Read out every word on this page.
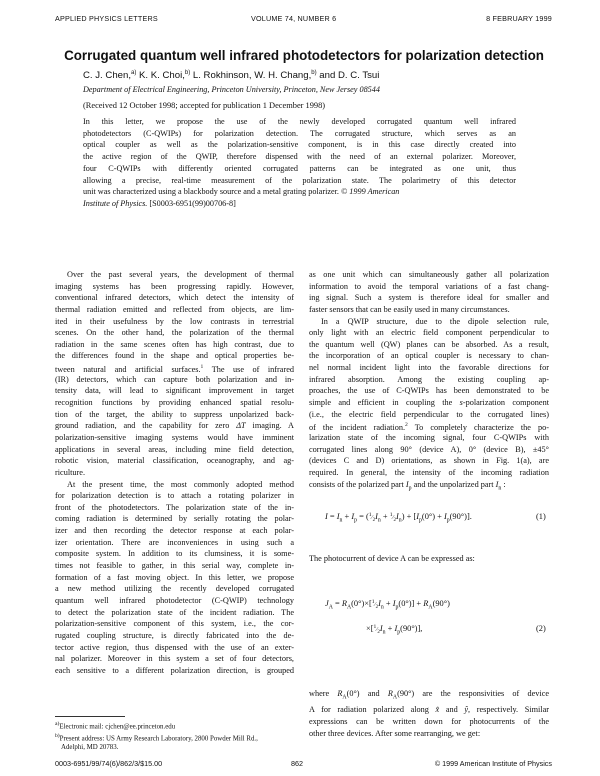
APPLIED PHYSICS LETTERS	VOLUME 74, NUMBER 6	8 FEBRUARY 1999
Corrugated quantum well infrared photodetectors for polarization detection
C. J. Chen,$^{a)}$ K. K. Choi,$^{b)}$ L. Rokhinson, W. H. Chang,$^{b)}$ and D. C. Tsui
Department of Electrical Engineering, Princeton University, Princeton, New Jersey 08544
(Received 12 October 1998; accepted for publication 1 December 1998)
In this letter, we propose the use of the newly developed corrugated quantum well infrared
photodetectors (C-QWIPs) for polarization detection. The corrugated structure, which serves as an
optical coupler as well as the polarization-sensitive component, is in this case directly created into
the active region of the QWIP, therefore dispensed with the need of an external polarizer. Moreover,
four C-QWIPs with differently oriented corrugated patterns can be integrated as one unit, thus
allowing a precise, real-time measurement of the polarization state. The polarimetry of this detector
unit was characterized using a blackbody source and a metal grating polarizer. © 1999 American
Institute of Physics. [S0003-6951(99)00706-8]
Over the past several years, the development of thermal
imaging systems has been progressing rapidly. However,
conventional infrared detectors, which detect the intensity of
thermal radiation emitted and reflected from objects, are lim-
ited in their usefulness by the low contrasts in terrestrial
scenes. On the other hand, the polarization of the thermal
radiation in the same scenes often has high contrast, due to
the differences found in the shape and optical properties be-
tween natural and artificial surfaces.$^1$ The use of infrared
(IR) detectors, which can capture both polarization and in-
tensity data, will lead to significant improvement in target
recognition functions by providing enhanced spatial resolu-
tion of the target, the ability to suppress unpolarized back-
ground radiation, and the capability for zero ΔT imaging. A
polarization-sensitive imaging systems would have imminent
applications in several areas, including mine field detection,
robotic vision, material classification, oceanography, and ag-
riculture.
At the present time, the most commonly adopted method
for polarization detection is to attach a rotating polarizer in
front of the photodetectors. The polarization state of the in-
coming radiation is determined by serially rotating the polar-
izer and then recording the detector response at each polar-
izer orientation. There are inconveniences in using such a
composite system. In addition to its clumsiness, it is some-
times not feasible to gather, in this serial way, complete in-
formation of a fast moving object. In this letter, we propose
a new method utilizing the recently developed corrugated
quantum well infrared photodetector (C-QWIP) technology
to detect the polarization state of the incident radiation. The
polarization-sensitive component of this system, i.e., the cor-
rugated coupling structure, is directly fabricated into the de-
tector active region, thus dispensed with the use of an exter-
nal polarizer. Moreover in this system a set of four detectors,
each sensitive to a different polarization direction, is grouped
$^{a)}$Electronic mail: cjchen@ee.princeton.edu
$^{b)}$Present address: US Army Research Laboratory, 2800 Powder Mill Rd.,
Adelphi, MD 20783.
as one unit which can simultaneously gather all polarization
information to avoid the temporal variations of a fast chang-
ing signal. Such a system is therefore ideal for smaller and
faster sensors that can be easily used in many circumstances.
In a QWIP structure, due to the dipole selection rule,
only light with an electric field component perpendicular to
the quantum well (QW) planes can be absorbed. As a result,
the incorporation of an optical coupler is necessary to chan-
nel normal incident light into the favorable directions for
infrared absorption. Among the existing coupling ap-
proaches, the use of C-QWIPs has been demonstrated to be
simple and efficient in coupling the s-polarization component
(i.e., the electric field perpendicular to the corrugated lines)
of the incident radiation.$^2$ To completely characterize the po-
larization state of the incoming signal, four C-QWIPs with
corrugated lines along 90° (device A), 0° (device B), ±45°
(devices C and D) orientations, as shown in Fig. 1(a), are
required. In general, the intensity of the incoming radiation
consists of the polarized part $I_p$ and the unpolarized part $I_n$ :
$I = I_n + I_p$ = ($^1⁄_2I_n$ + $^1⁄_2I_n) + [I_p(0^\circ) + I_p(90^\circ)]$.	(1)
The photocurrent of device A can be expressed as:
$J_A$ = $R_A(0^\circ)\times[^1⁄_2I_n + I_p(0^\circ)] + R_A(90^\circ)$
$\times[^1⁄_2I_n + I_p(90^\circ)]$,	(2)
where $R_A(0^\circ)$ and $R_A(90^\circ)$ are the responsivities of device
A for radiation polarized along x̂ and ŷ, respectively. Similar
expressions can be written down for photocurrents of the
other three devices. After some rearranging, we get:
0003-6951/99/74(6)/862/3/$15.00	862	© 1999 American Institute of Physics
